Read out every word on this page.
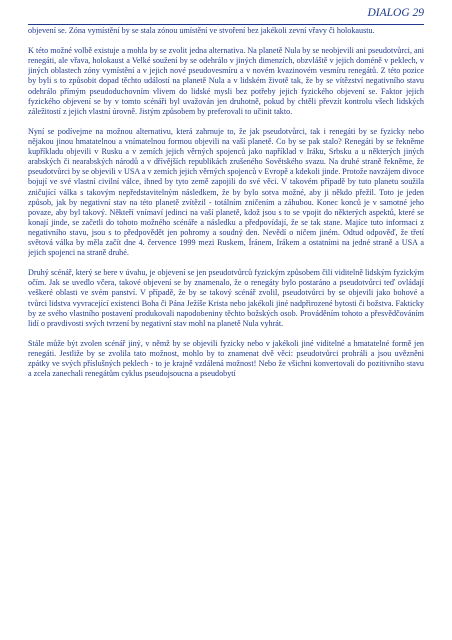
DIALOG 29

objevení se. Zóna vymístění by se stala zónou umístění ve stvoření bez jakékoli zevní vřavy či holokaustu.

K této možné volbě existuje a mohla by se zvolit jedna alternativa. Na planetě Nula by se neobjevili ani pseudotvůrci, ani renegáti, ale vřava, holokaust a Velké soužení by se odehrálo v jiných dimenzích, obzvláště v jejich doméně v peklech, v jiných oblastech zóny vymístění a v jejich nové pseudovesmíru a v novém kvazinovém vesmíru renegátů. Z této pozice by byli s to způsobit dopad těchto událostí na planetě Nula a v lidském životě tak, že by se vítězství negativního stavu odehrálo přímým pseudoduchovním vlivem do lidské mysli bez potřeby jejich fyzického objevení se. Faktor jejich fyzického objevení se by v tomto scénáři byl uvažován jen druhotně, pokud by chtěli převzít kontrolu všech lidských záležitostí z jejich vlastní úrovně. Jistým způsobem by preferovali to učinit takto.

Nyní se podívejme na možnou alternativu, která zahrnuje to, že jak pseudotvůrci, tak i renegáti by se fyzicky nebo nějakou jinou hmatatelnou a vnímatelnou formou objevili na vaší planetě. Co by se pak stalo? Renegáti by se řekněme kupříkladu objevili v Rusku a v zemích jejich věrných spojenců jako například v Iráku, Srbsku a u některých jiných arabských či nearabských národů a v dřívějších republikách zrušeného Sovětského svazu. Na druhé straně řekněme, že pseudotvůrci by se objevili v USA a v zemích jejich věrných spojenců v Evropě a kdekoli jinde. Protože navzájem divoce bojují ve své vlastní civilní válce, ihned by tyto země zapojili do své věci. V takovém případě by tuto planetu soužila zničující válka s takovým nepředstavitelným následkem, že by bylo sotva možné, aby ji někdo přežil. Toto je jeden způsob, jak by negativní stav na této planetě zvítězil - totálním zničením a záhubou. Konec konců je v samotné jeho povaze, aby byl takový. Někteří vnímaví jedinci na vaší planetě, kdož jsou s to se vpojit do některých aspektů, které se konají jinde, se začetli do tohoto možného scénáře a následku a předpovídají, že se tak stane. Majíce tuto informaci z negativního stavu, jsou s to předpovědět jen pohromy a soudný den. Nevědí o ničem jiném. Odtud odpověď, že třetí světová válka by měla začít dne 4. července 1999 mezi Ruskem, Íránem, Irákem a ostatními na jedné straně a USA a jejich spojenci na straně druhé.

Druhý scénář, který se bere v úvahu, je objevení se jen pseudotvůrců fyzickým způsobem čili viditelně lidským fyzickým očím. Jak se uvedlo včera, takové objevení se by znamenalo, že o renegáty bylo postaráno a pseudotvůrci teď ovládají veškeré oblasti ve svém panství. V případě, že by se takový scénář zvolil, pseudotvůrci by se objevili jako bohové a tvůrci lidstva vyvracející existenci Boha či Pána Ježíše Krista nebo jakékoli jiné nadpřirozené bytosti či božstva. Fakticky by ze svého vlastního postavení produkovali napodobeniny těchto božských osob. Prováděním tohoto a přesvědčováním lidí o pravdivosti svých tvrzení by negativní stav mohl na planetě Nula vyhrát.

Stále může být zvolen scénář jiný, v němž by se objevili fyzicky nebo v jakékoli jiné viditelné a hmatatelné formě jen renegáti. Jestliže by se zvolila tato možnost, mohlo by to znamenat dvě věci: pseudotvůrci prohráli a jsou uvězněni zpátky ve svých příslušných peklech - to je krajně vzdálená možnost! Nebo že všichni konvertovali do pozitivního stavu a zcela zanechali renegátům cyklus pseudojsoucna a pseudobytí
